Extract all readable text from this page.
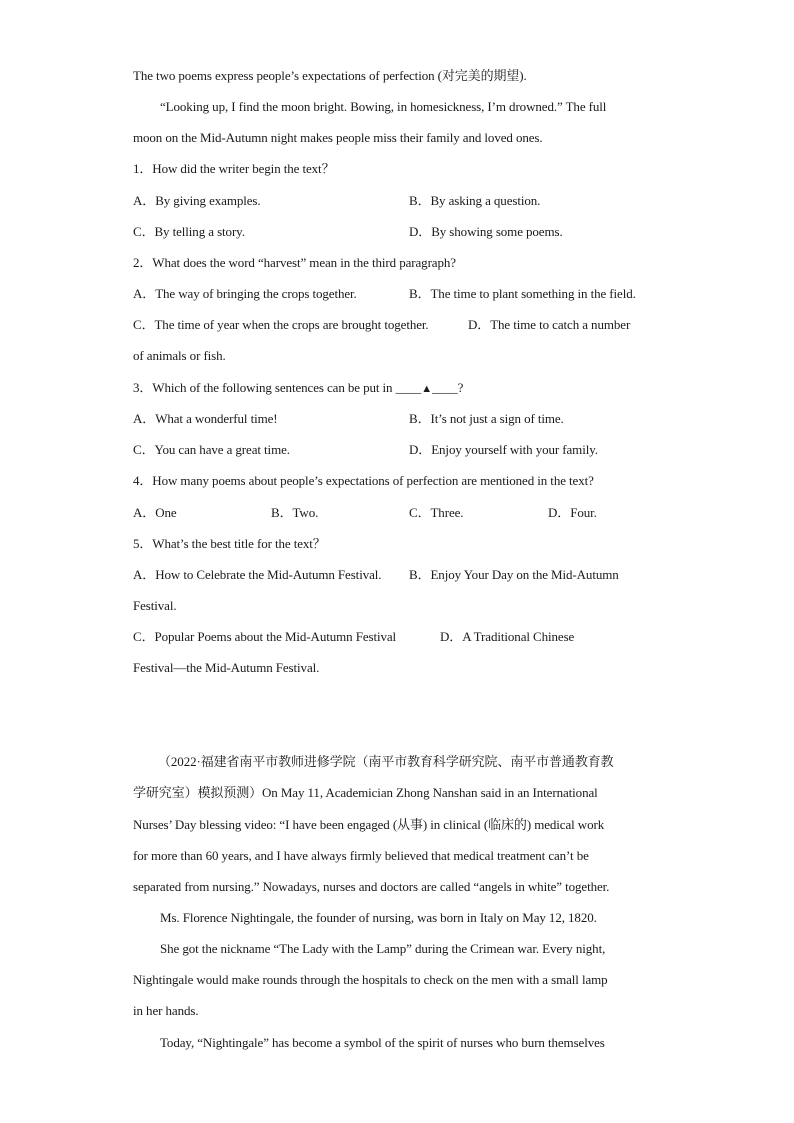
The two poems express people’s expectations of perfection (对完美的期望).
“Looking up, I find the moon bright. Bowing, in homesickness, I’m drowned.” The full
moon on the Mid-Autumn night makes people miss their family and loved ones.
1．How did the writer begin the text？
A．By giving examples.	B．By asking a question.
C．By telling a story.	D．By showing some poems.
2．What does the word “harvest” mean in the third paragraph?
A．The way of bringing the crops together.	B．The time to plant something in the field.
C．The time of year when the crops are brought together.	D．The time to catch a number
of animals or fish.
3．Which of the following sentences can be put in ____▲____?
A．What a wonderful time!	B．It’s not just a sign of time.
C．You can have a great time.	D．Enjoy yourself with your family.
4．How many poems about people’s expectations of perfection are mentioned in the text?
A．One	B．Two.	C．Three.	D．Four.
5．What’s the best title for the text？
A．How to Celebrate the Mid-Autumn Festival. B．Enjoy Your Day on the Mid-Autumn
Festival.
C．Popular Poems about the Mid-Autumn Festival	D．A Traditional Chinese
Festival—the Mid-Autumn Festival.
（2022·福建省南平市教师进修学院（南平市教育科学研究院、南平市普通教育教
学研究室）模拟预测）On May 11, Academician Zhong Nanshan said in an International
Nurses’ Day blessing video: “I have been engaged (从事) in clinical (临床的) medical work
for more than 60 years, and I have always firmly believed that medical treatment can’t be
separated from nursing.” Nowadays, nurses and doctors are called “angels in white” together.
Ms. Florence Nightingale, the founder of nursing, was born in Italy on May 12, 1820.
She got the nickname “The Lady with the Lamp” during the Crimean war. Every night,
Nightingale would make rounds through the hospitals to check on the men with a small lamp
in her hands.
Today, “Nightingale” has become a symbol of the spirit of nurses who burn themselves
